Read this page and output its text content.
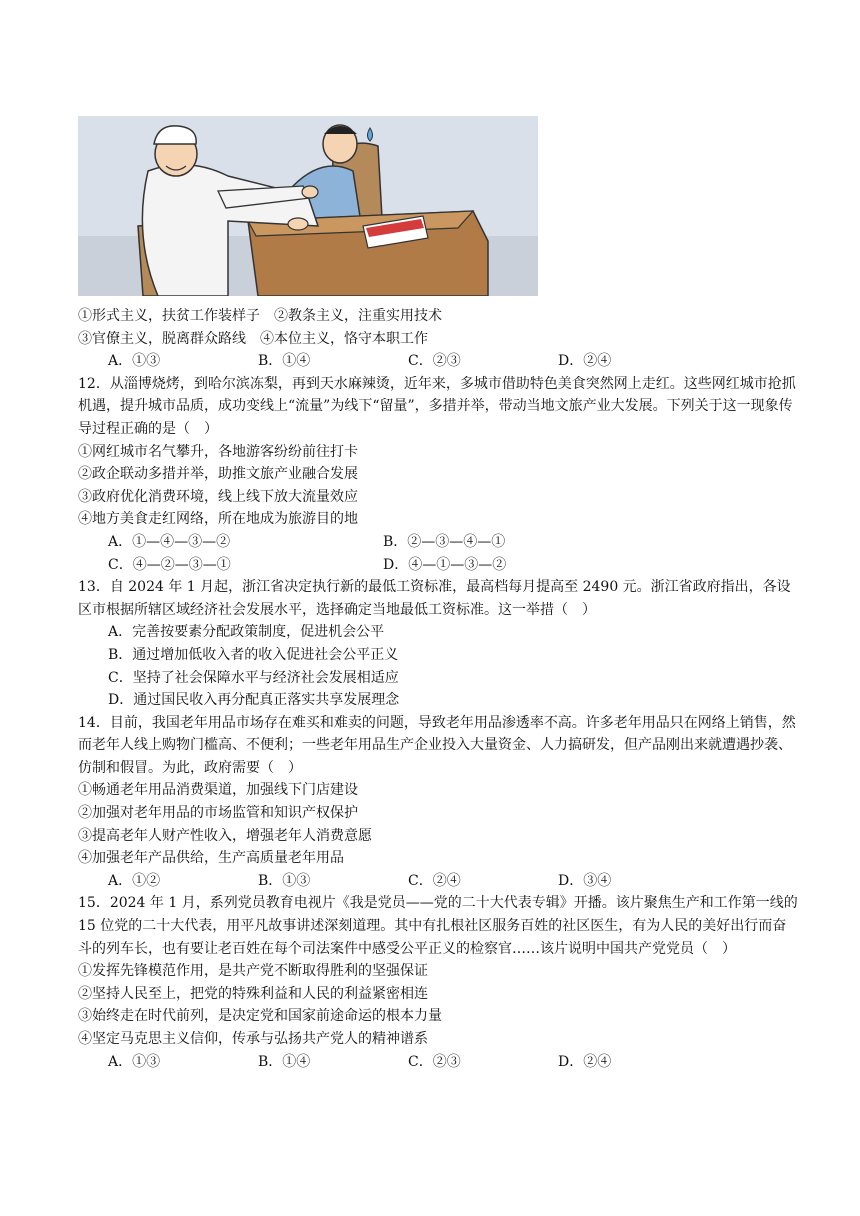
①形式主义，扶贫工作装样子　②教条主义，注重实用技术
③官僚主义，脱离群众路线　④本位主义，恪守本职工作
A．①③	B．①④	C．②③	D．②④
12．从淄博烧烤，到哈尔滨冻梨，再到天水麻辣烫，近年来，多城市借助特色美食突然网上走红。这些网红城市抢抓机遇，提升城市品质，成功变线上“流量”为线下“留量”，多措并举，带动当地文旅产业大发展。下列关于这一现象传导过程正确的是（　）
①网红城市名气攀升，各地游客纷纷前往打卡
②政企联动多措并举，助推文旅产业融合发展
③政府优化消费环境，线上线下放大流量效应
④地方美食走红网络，所在地成为旅游目的地
A．①—④—③—②	B．②—③—④—①
C．④—②—③—①	D．④—①—③—②
13．自 2024 年 1 月起，浙江省决定执行新的最低工资标准，最高档每月提高至 2490 元。浙江省政府指出，各设区市根据所辖区域经济社会发展水平，选择确定当地最低工资标准。这一举措（　）
A．完善按要素分配政策制度，促进机会公平
B．通过增加低收入者的收入促进社会公平正义
C．坚持了社会保障水平与经济社会发展相适应
D．通过国民收入再分配真正落实共享发展理念
14．目前，我国老年用品市场存在难买和难卖的问题，导致老年用品渗透率不高。许多老年用品只在网络上销售，然而老年人线上购物门槛高、不便利；一些老年用品生产企业投入大量资金、人力搞研发，但产品刚出来就遭遇抄袭、仿制和假冒。为此，政府需要（　）
①畅通老年用品消费渠道，加强线下门店建设
②加强对老年用品的市场监管和知识产权保护
③提高老年人财产性收入，增强老年人消费意愿
④加强老年产品供给，生产高质量老年用品
A．①②	B．①③	C．②④	D．③④
15．2024 年 1 月，系列党员教育电视片《我是党员——党的二十大代表专辑》开播。该片聚焦生产和工作第一线的 15 位党的二十大代表，用平凡故事讲述深刻道理。其中有扎根社区服务百姓的社区医生，有为人民的美好出行而奋斗的列车长，也有要让老百姓在每个司法案件中感受公平正义的检察官……该片说明中国共产党党员（　）
①发挥先锋模范作用，是共产党不断取得胜利的坚强保证
②坚持人民至上，把党的特殊利益和人民的利益紧密相连
③始终走在时代前列，是决定党和国家前途命运的根本力量
④坚定马克思主义信仰，传承与弘扬共产党人的精神谱系
A．①③	B．①④	C．②③	D．②④
